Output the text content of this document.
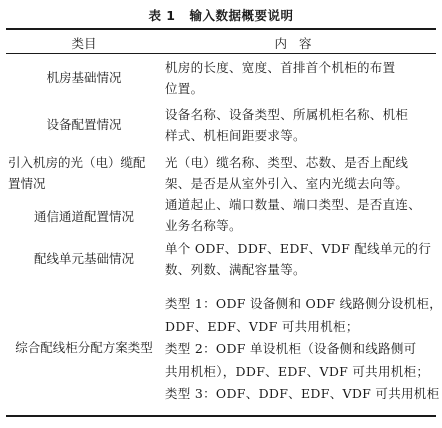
表 1 输入数据概要说明
类目	内容
机房基础情况
机房的长度、宽度、首排首个机柜的布置
位置。
设备配置情况
设备名称、设备类型、所属机柜名称、机柜
样式、机柜间距要求等。
引入机房的光（电）缆配
置情况
光（电）缆名称、类型、芯数、是否上配线
架、是否是从室外引入、室内光缆去向等。
通信通道配置情况
通道起止、端口数量、端口类型、是否直连、
业务名称等。
配线单元基础情况
单个 ODF、DDF、EDF、VDF 配线单元的行
数、列数、满配容量等。
综合配线柜分配方案类型
类型 1：ODF 设备侧和 ODF 线路侧分设机柜，
DDF、EDF、VDF 可共用机柜；
类型 2：ODF 单设机柜（设备侧和线路侧可
共用机柜），DDF、EDF、VDF 可共用机柜；
类型 3：ODF、DDF、EDF、VDF 可共用机柜
